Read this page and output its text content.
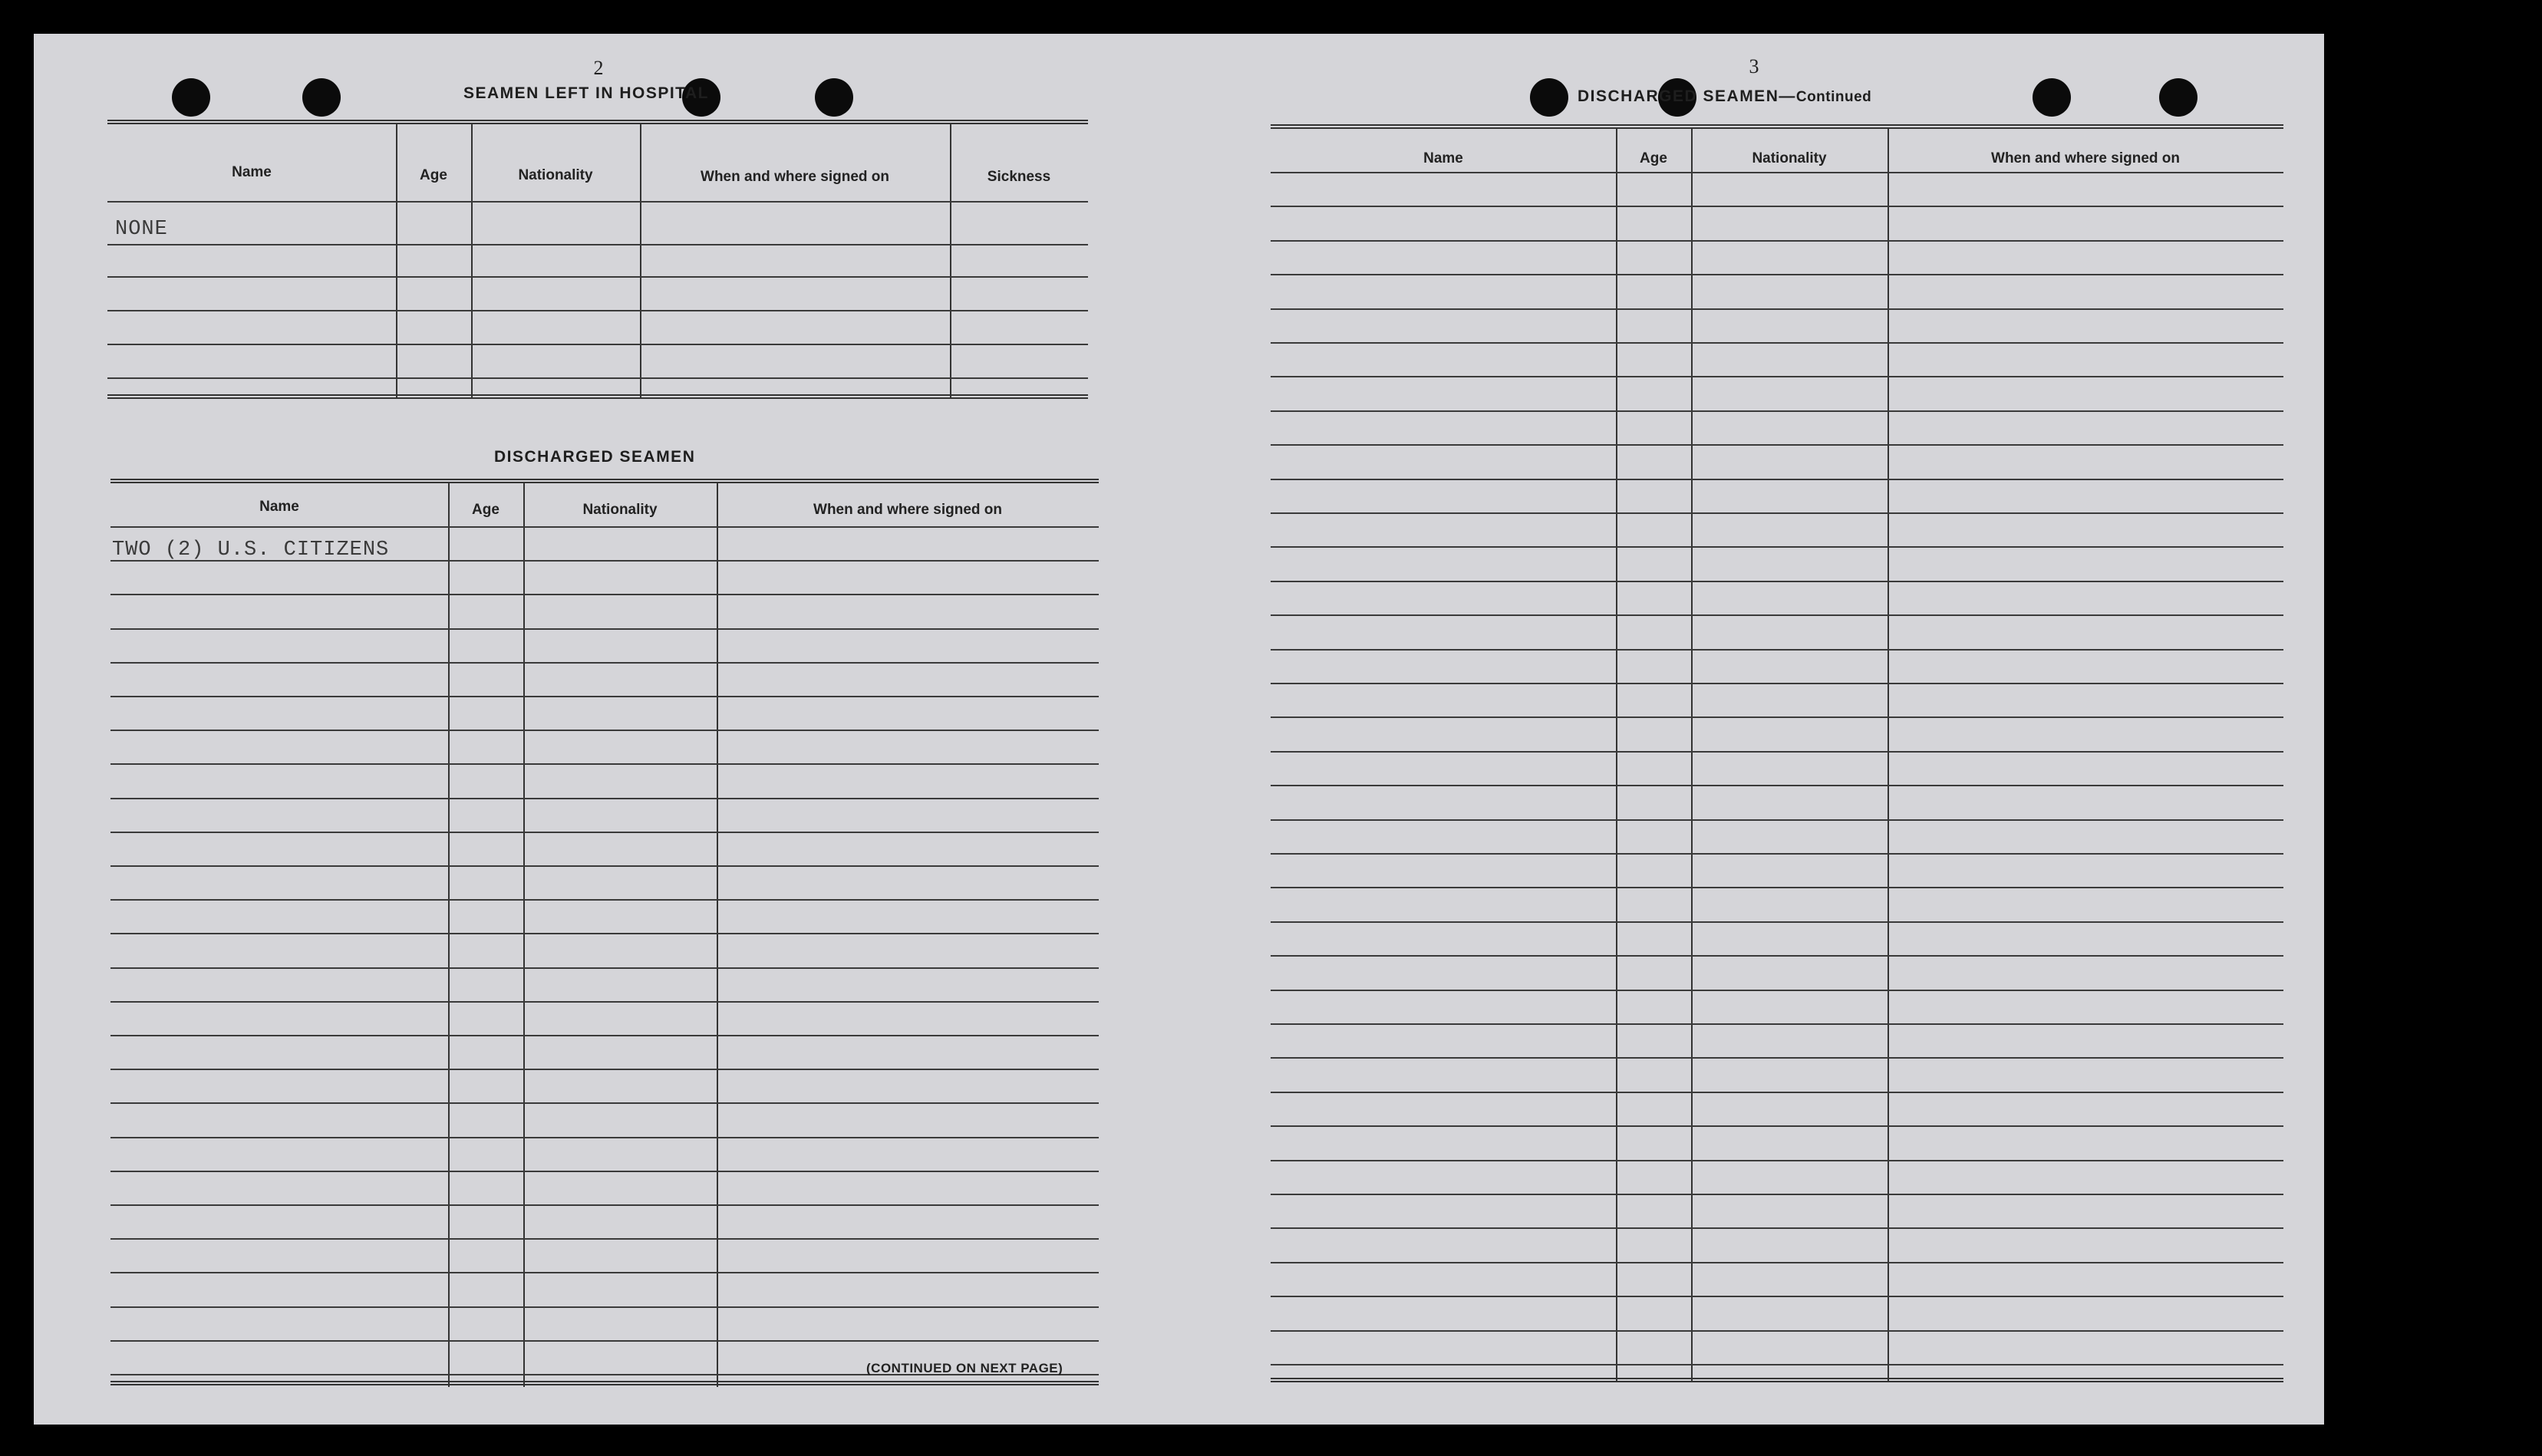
2
SEAMEN LEFT IN HOSPITAL
Name	Age	Nationality	When and where signed on	Sickness
NONE
DISCHARGED SEAMEN
Name	Age	Nationality	When and where signed on
TWO (2) U.S. CITIZENS
(CONTINUED ON NEXT PAGE)
3
DISCHARGED SEAMEN—Continued
Name	Age	Nationality	When and where signed on
